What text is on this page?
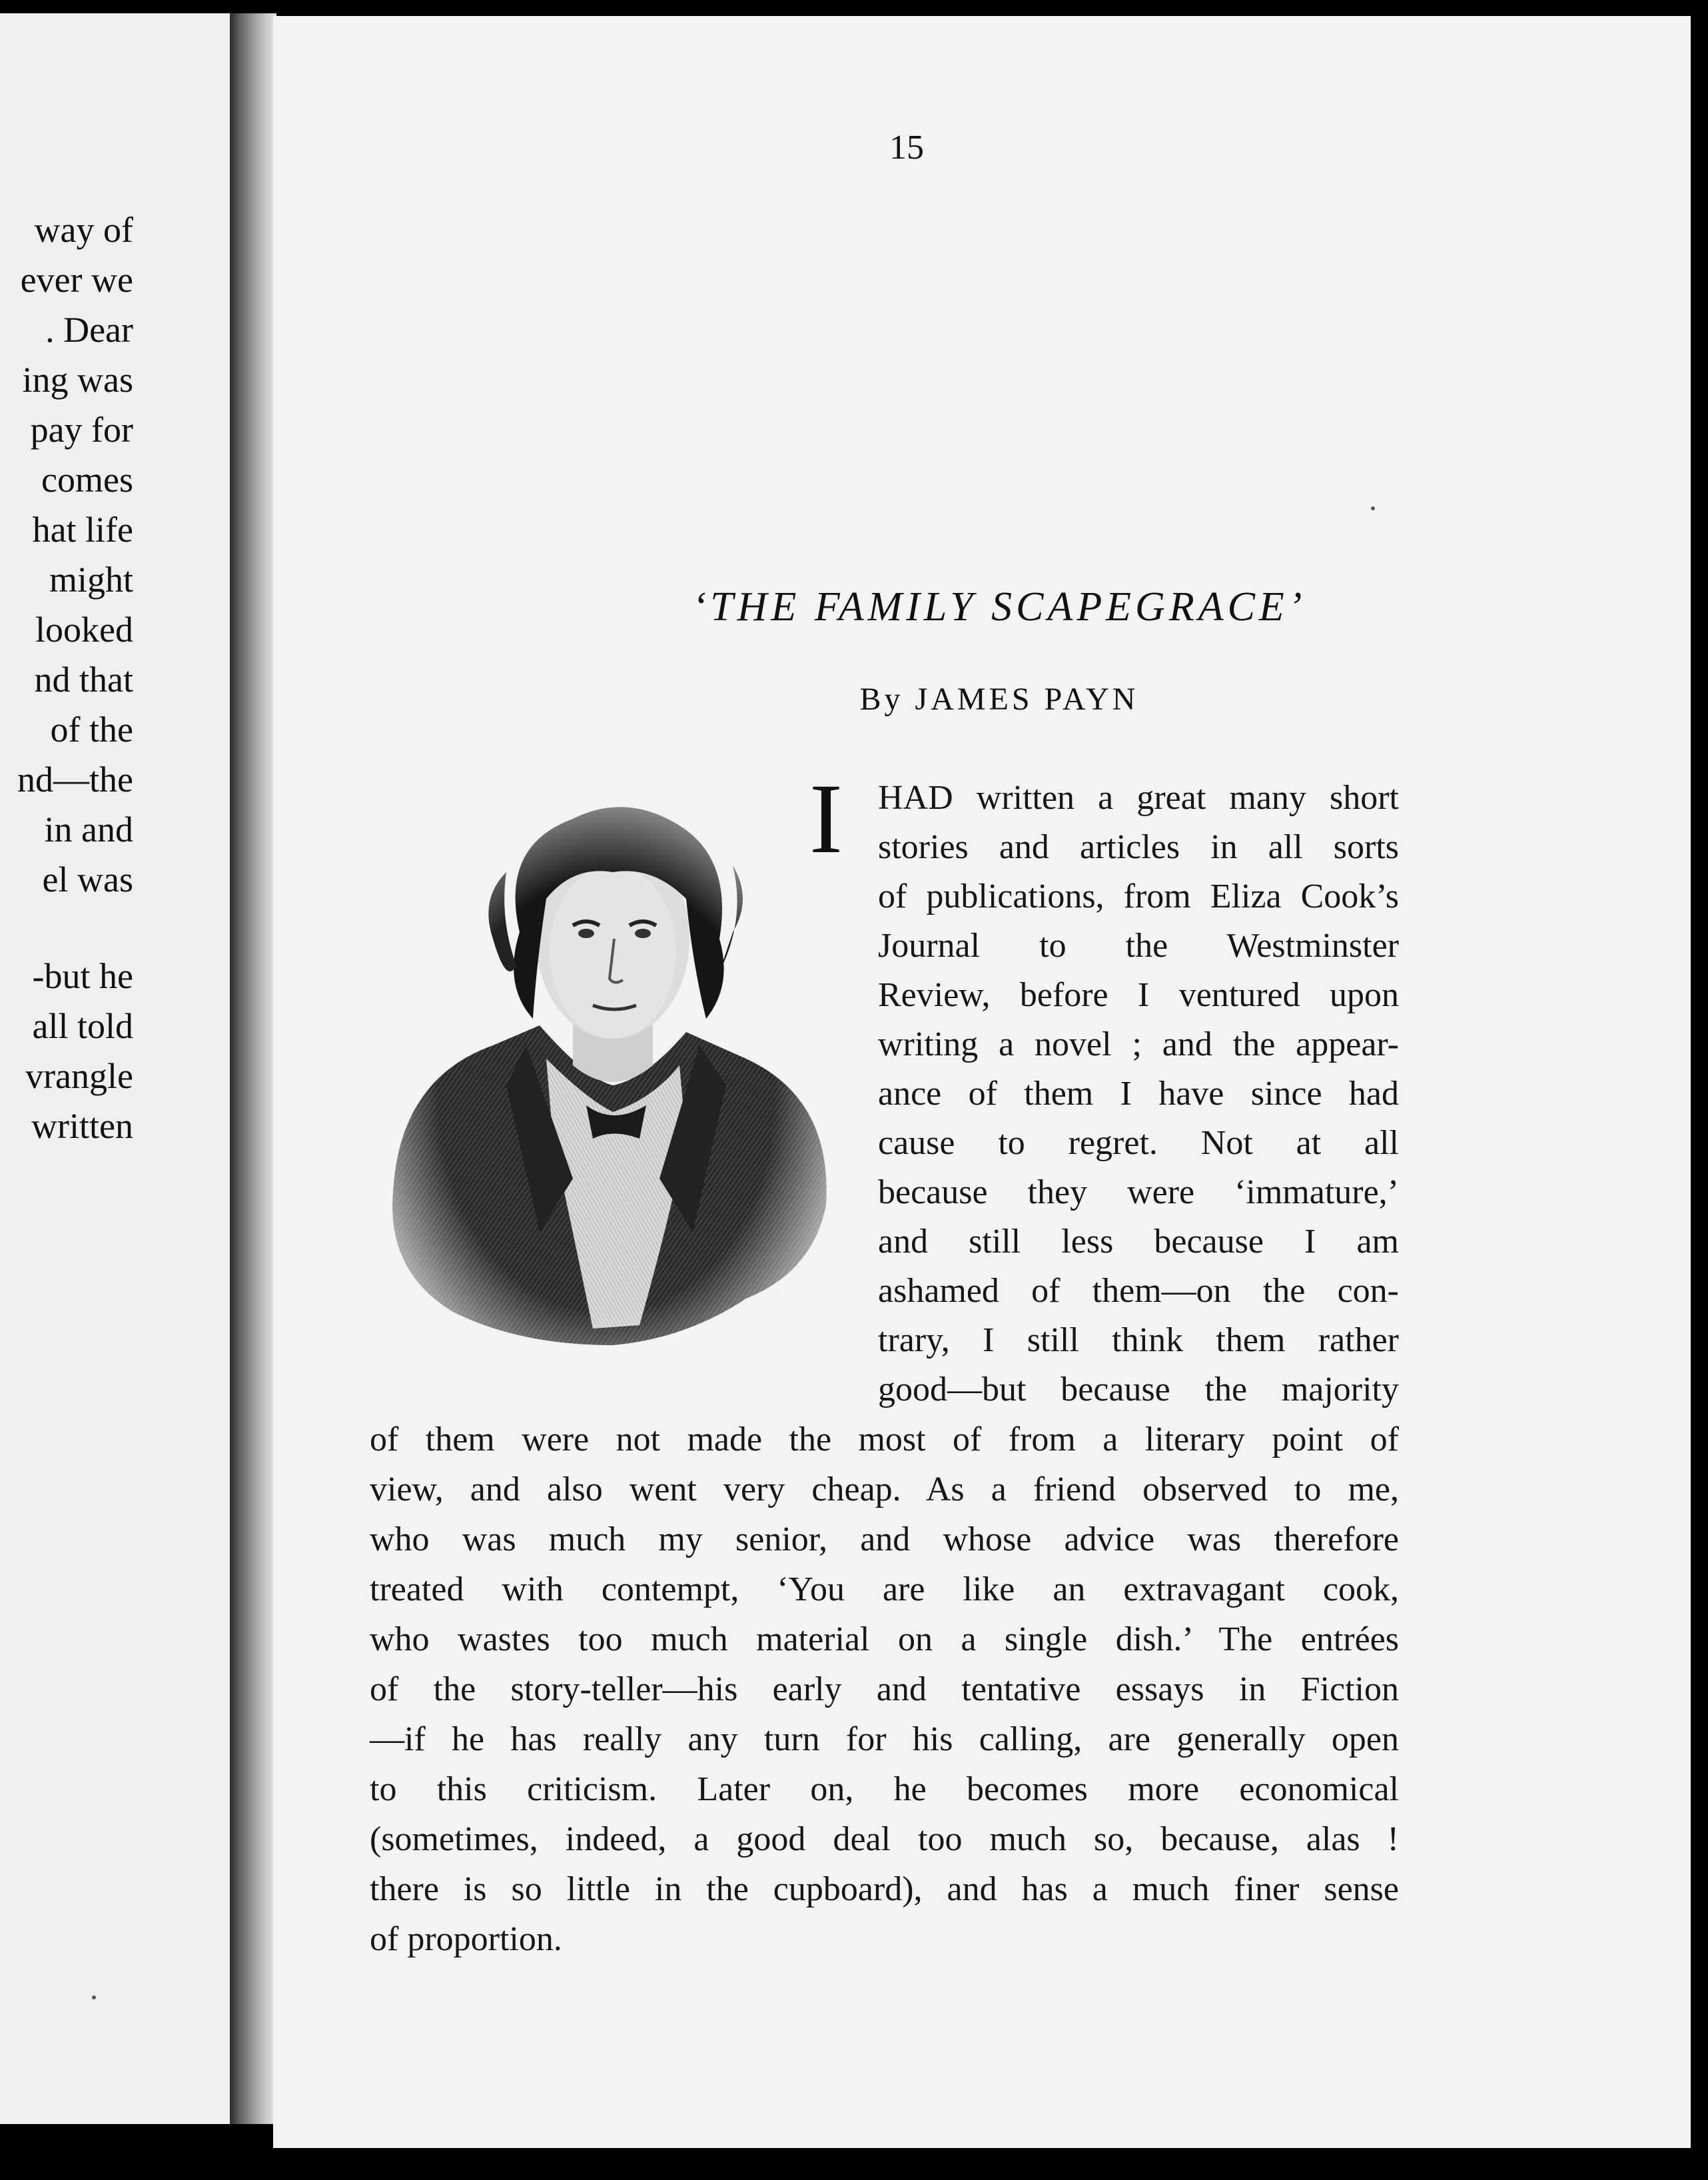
way of
ever we
. Dear
ing was
pay for
comes
hat life
might
looked
nd that
of the
nd—the
in and
el was
-but he
all told
vrangle
written
15
‘THE FAMILY SCAPEGRACE’
By JAMES PAYN
I HAD written a great many short
stories and articles in all sorts
of publications, from Eliza Cook’s
Journal to the Westminster
Review, before I ventured upon
writing a novel ; and the appear-
ance of them I have since had
cause to regret. Not at all
because they were ‘immature,’
and still less because I am
ashamed of them—on the con-
trary, I still think them rather
good—but because the majority
of them were not made the most of from a literary point of
view, and also went very cheap. As a friend observed to me,
who was much my senior, and whose advice was therefore
treated with contempt, ‘You are like an extravagant cook,
who wastes too much material on a single dish.’ The entrées
of the story-teller—his early and tentative essays in Fiction
—if he has really any turn for his calling, are generally open
to this criticism. Later on, he becomes more economical
(sometimes, indeed, a good deal too much so, because, alas !
there is so little in the cupboard), and has a much finer sense
of proportion.
